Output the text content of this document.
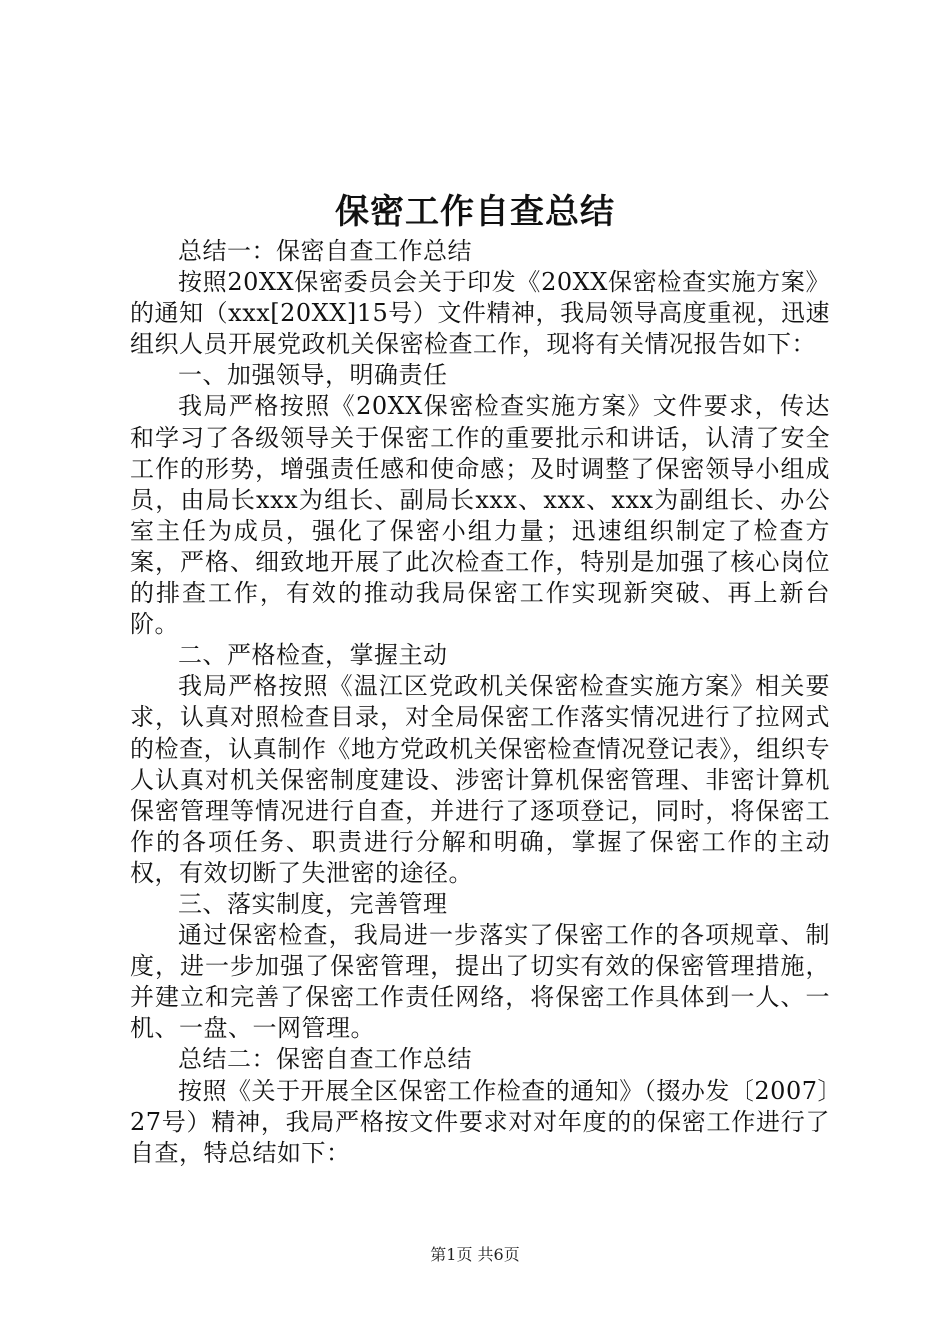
保密工作自查总结

总结一：保密自查工作总结

按照20XX保密委员会关于印发《20XX保密检查实施方案》的通知（xxx[20XX]15号）文件精神，我局领导高度重视，迅速组织人员开展党政机关保密检查工作，现将有关情况报告如下：

一、加强领导，明确责任

我局严格按照《20XX保密检查实施方案》文件要求，传达和学习了各级领导关于保密工作的重要批示和讲话，认清了安全工作的形势，增强责任感和使命感；及时调整了保密领导小组成员，由局长xxx为组长、副局长xxx、xxx、xxx为副组长、办公室主任为成员，强化了保密小组力量；迅速组织制定了检查方案，严格、细致地开展了此次检查工作，特别是加强了核心岗位的排查工作，有效的推动我局保密工作实现新突破、再上新台阶。

二、严格检查，掌握主动

我局严格按照《温江区党政机关保密检查实施方案》相关要求，认真对照检查目录，对全局保密工作落实情况进行了拉网式的检查，认真制作《地方党政机关保密检查情况登记表》，组织专人认真对机关保密制度建设、涉密计算机保密管理、非密计算机保密管理等情况进行自查，并进行了逐项登记，同时，将保密工作的各项任务、职责进行分解和明确，掌握了保密工作的主动权，有效切断了失泄密的途径。

三、落实制度，完善管理

通过保密检查，我局进一步落实了保密工作的各项规章、制度，进一步加强了保密管理，提出了切实有效的保密管理措施，并建立和完善了保密工作责任网络，将保密工作具体到一人、一机、一盘、一网管理。

总结二：保密自查工作总结

按照《关于开展全区保密工作检查的通知》（掇办发〔2007〕27号）精神，我局严格按文件要求对对年度的的保密工作进行了自查，特总结如下：

第1页 共6页
